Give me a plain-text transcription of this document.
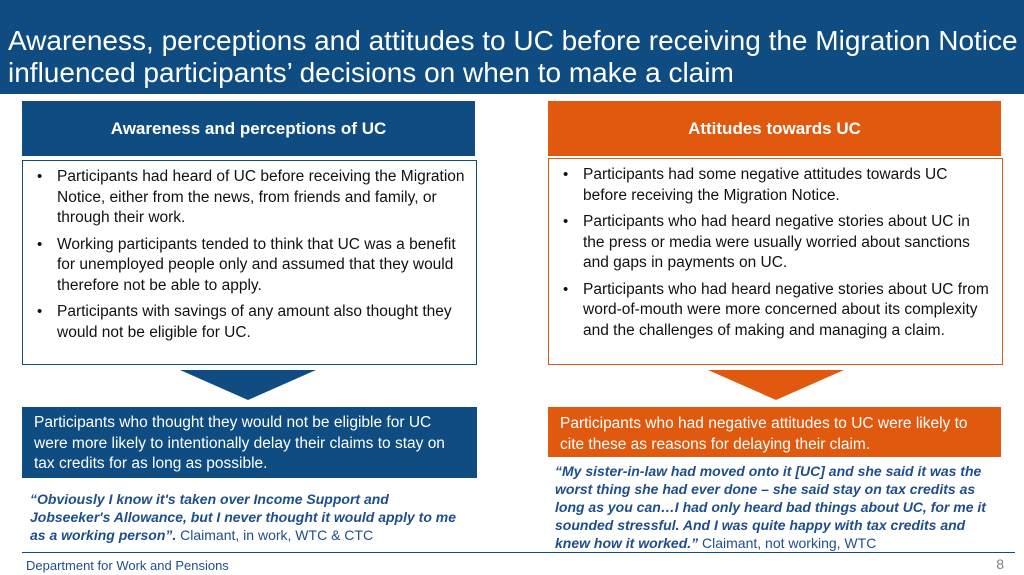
Awareness, perceptions and attitudes to UC before receiving the Migration Notice influenced participants’ decisions on when to make a claim
Awareness and perceptions of UC	Attitudes towards UC
• Participants had heard of UC before receiving the Migration Notice, either from the news, from friends and family, or through their work.
• Working participants tended to think that UC was a benefit for unemployed people only and assumed that they would therefore not be able to apply.
• Participants with savings of any amount also thought they would not be eligible for UC.
• Participants had some negative attitudes towards UC before receiving the Migration Notice.
• Participants who had heard negative stories about UC in the press or media were usually worried about sanctions and gaps in payments on UC.
• Participants who had heard negative stories about UC from word-of-mouth were more concerned about its complexity and the challenges of making and managing a claim.
Participants who thought they would not be eligible for UC were more likely to intentionally delay their claims to stay on tax credits for as long as possible.
Participants who had negative attitudes to UC were likely to cite these as reasons for delaying their claim.
“Obviously I know it's taken over Income Support and Jobseeker's Allowance, but I never thought it would apply to me as a working person”. Claimant, in work, WTC & CTC
“My sister-in-law had moved onto it [UC] and she said it was the worst thing she had ever done – she said stay on tax credits as long as you can…I had only heard bad things about UC, for me it sounded stressful. And I was quite happy with tax credits and knew how it worked.” Claimant, not working, WTC
Department for Work and Pensions	8
